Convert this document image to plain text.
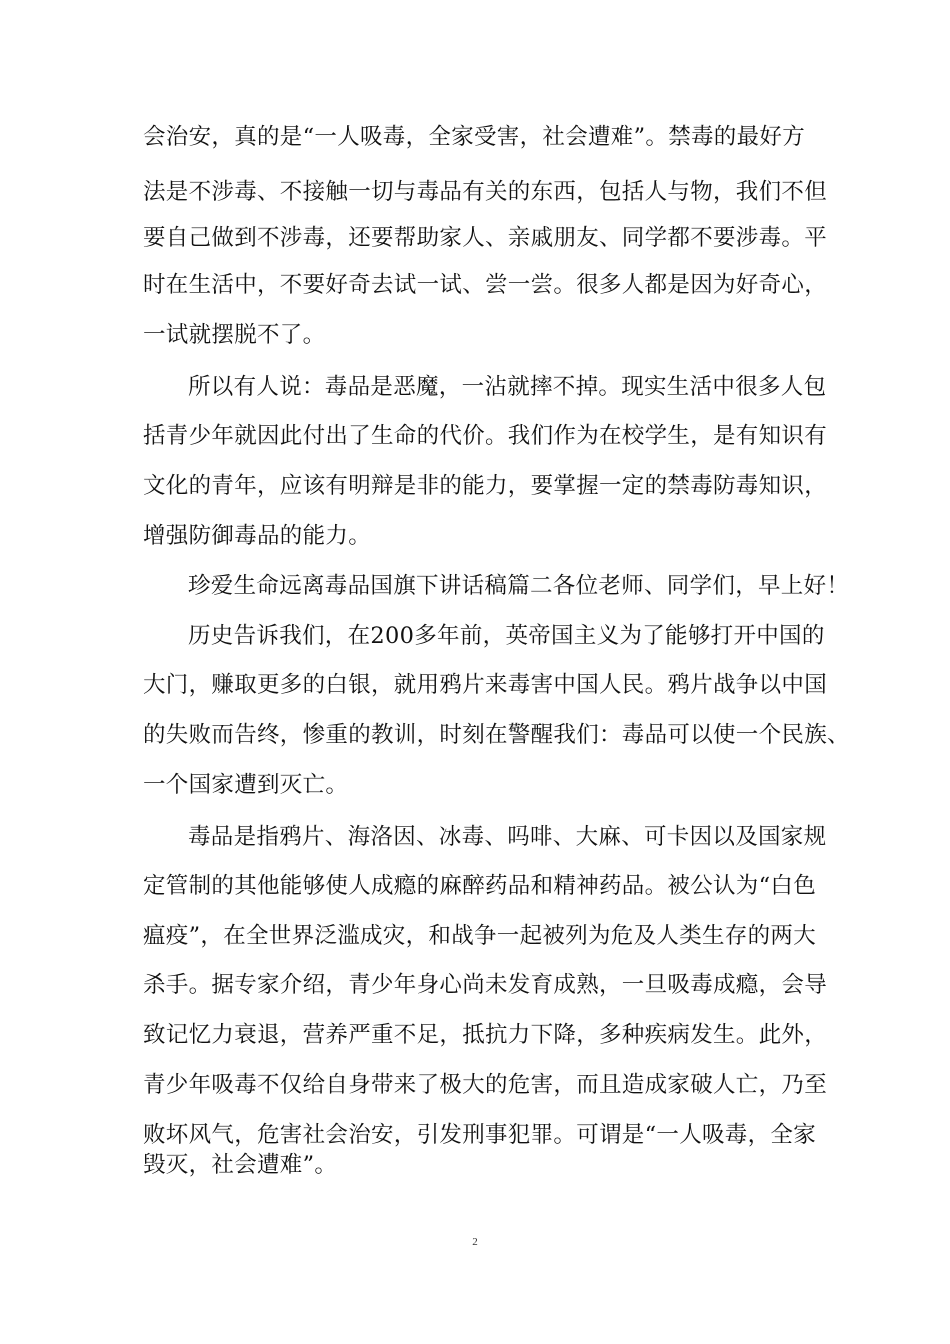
会治安，真的是“一人吸毒，全家受害，社会遭难”。禁毒的最好方
法是不涉毒、不接触一切与毒品有关的东西，包括人与物，我们不但
要自己做到不涉毒，还要帮助家人、亲戚朋友、同学都不要涉毒。平
时在生活中，不要好奇去试一试、尝一尝。很多人都是因为好奇心，
一试就摆脱不了。
所以有人说：毒品是恶魔，一沾就摔不掉。现实生活中很多人包
括青少年就因此付出了生命的代价。我们作为在校学生，是有知识有
文化的青年，应该有明辩是非的能力，要掌握一定的禁毒防毒知识，
增强防御毒品的能力。
珍爱生命远离毒品国旗下讲话稿篇二各位老师、同学们，早上好！
历史告诉我们，在200多年前，英帝国主义为了能够打开中国的
大门，赚取更多的白银，就用鸦片来毒害中国人民。鸦片战争以中国
的失败而告终，惨重的教训，时刻在警醒我们：毒品可以使一个民族、
一个国家遭到灭亡。
毒品是指鸦片、海洛因、冰毒、吗啡、大麻、可卡因以及国家规
定管制的其他能够使人成瘾的麻醉药品和精神药品。被公认为“白色
瘟疫”，在全世界泛滥成灾，和战争一起被列为危及人类生存的两大
杀手。据专家介绍，青少年身心尚未发育成熟，一旦吸毒成瘾，会导
致记忆力衰退，营养严重不足，抵抗力下降，多种疾病发生。此外，
青少年吸毒不仅给自身带来了极大的危害，而且造成家破人亡，乃至
败坏风气，危害社会治安，引发刑事犯罪。可谓是“一人吸毒，全家
毁灭，社会遭难”。
2
